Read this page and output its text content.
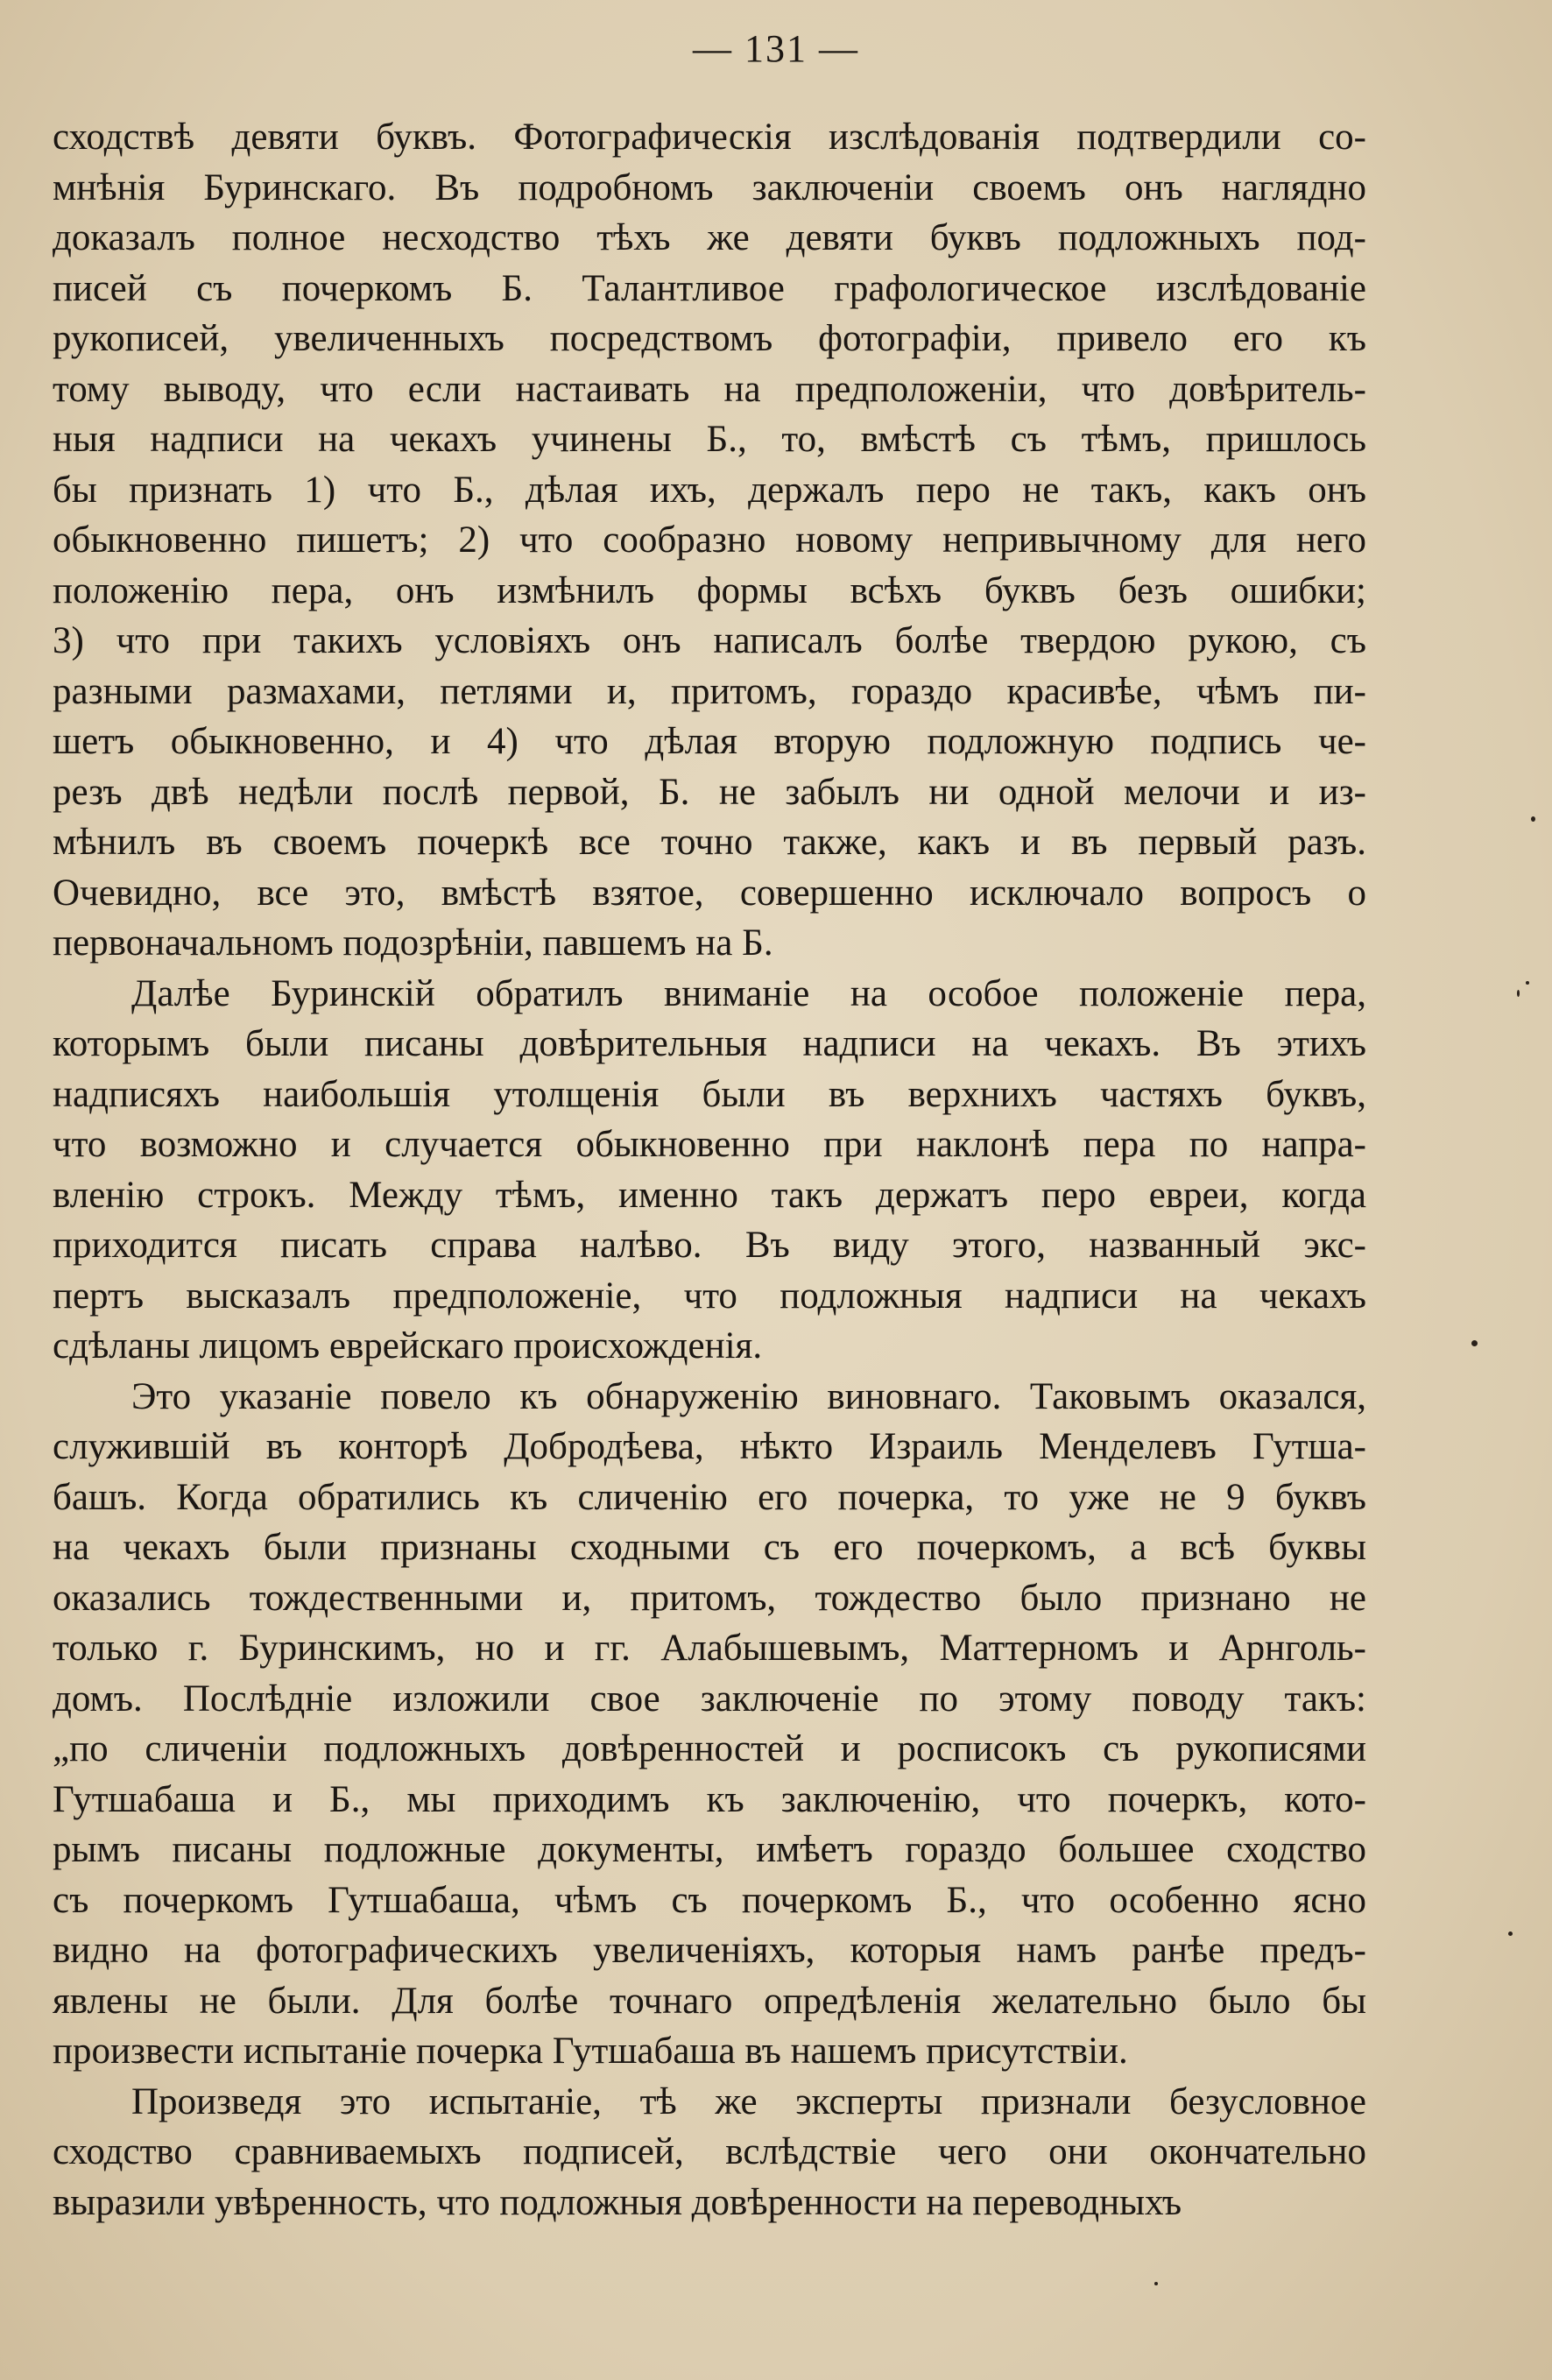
— 131 —
сходствѣ девяти буквъ. Фотографическія изслѣдованія подтвердили со-
мнѣнія Буринскаго. Въ подробномъ заключеніи своемъ онъ наглядно
доказалъ полное несходство тѣхъ же девяти буквъ подложныхъ под-
писей съ почеркомъ Б. Талантливое графологическое изслѣдованіе
рукописей, увеличенныхъ посредствомъ фотографіи, привело его къ
тому выводу, что если настаивать на предположеніи, что довѣритель-
ныя надписи на чекахъ учинены Б., то, вмѣстѣ съ тѣмъ, пришлось
бы признать 1) что Б., дѣлая ихъ, держалъ перо не такъ, какъ онъ
обыкновенно пишетъ; 2) что сообразно новому непривычному для него
положенію пера, онъ измѣнилъ формы всѣхъ буквъ безъ ошибки;
3) что при такихъ условіяхъ онъ написалъ болѣе твердою рукою, съ
разными размахами, петлями и, притомъ, гораздо красивѣе, чѣмъ пи-
шетъ обыкновенно, и 4) что дѣлая вторую подложную подпись че-
резъ двѣ недѣли послѣ первой, Б. не забылъ ни одной мелочи и из-
мѣнилъ въ своемъ почеркѣ все точно также, какъ и въ первый разъ.
Очевидно, все это, вмѣстѣ взятое, совершенно исключало вопросъ о
первоначальномъ подозрѣніи, павшемъ на Б.
Далѣе Буринскій обратилъ вниманіе на особое положеніе пера,
которымъ были писаны довѣрительныя надписи на чекахъ. Въ этихъ
надписяхъ наибольшія утолщенія были въ верхнихъ частяхъ буквъ,
что возможно и случается обыкновенно при наклонѣ пера по напра-
вленію строкъ. Между тѣмъ, именно такъ держатъ перо евреи, когда
приходится писать справа налѣво. Въ виду этого, названный экс-
пертъ высказалъ предположеніе, что подложныя надписи на чекахъ
сдѣланы лицомъ еврейскаго происхожденія.
Это указаніе повело къ обнаруженію виновнаго. Таковымъ оказался,
служившій въ конторѣ Добродѣева, нѣкто Израиль Менделевъ Гутша-
башъ. Когда обратились къ сличенію его почерка, то уже не 9 буквъ
на чекахъ были признаны сходными съ его почеркомъ, а всѣ буквы
оказались тождественными и, притомъ, тождество было признано не
только г. Буринскимъ, но и гг. Алабышевымъ, Маттерномъ и Арнголь-
домъ. Послѣдніе изложили свое заключеніе по этому поводу такъ:
„по сличеніи подложныхъ довѣренностей и росписокъ съ рукописями
Гутшабаша и Б., мы приходимъ къ заключенію, что почеркъ, кото-
рымъ писаны подложные документы, имѣетъ гораздо большее сходство
съ почеркомъ Гутшабаша, чѣмъ съ почеркомъ Б., что особенно ясно
видно на фотографическихъ увеличеніяхъ, которыя намъ ранѣе предъ-
явлены не были. Для болѣе точнаго опредѣленія желательно было бы
произвести испытаніе почерка Гутшабаша въ нашемъ присутствіи.
Произведя это испытаніе, тѣ же эксперты признали безусловное
сходство сравниваемыхъ подписей, вслѣдствіе чего они окончательно
выразили увѣренность, что подложныя довѣренности на переводныхъ
